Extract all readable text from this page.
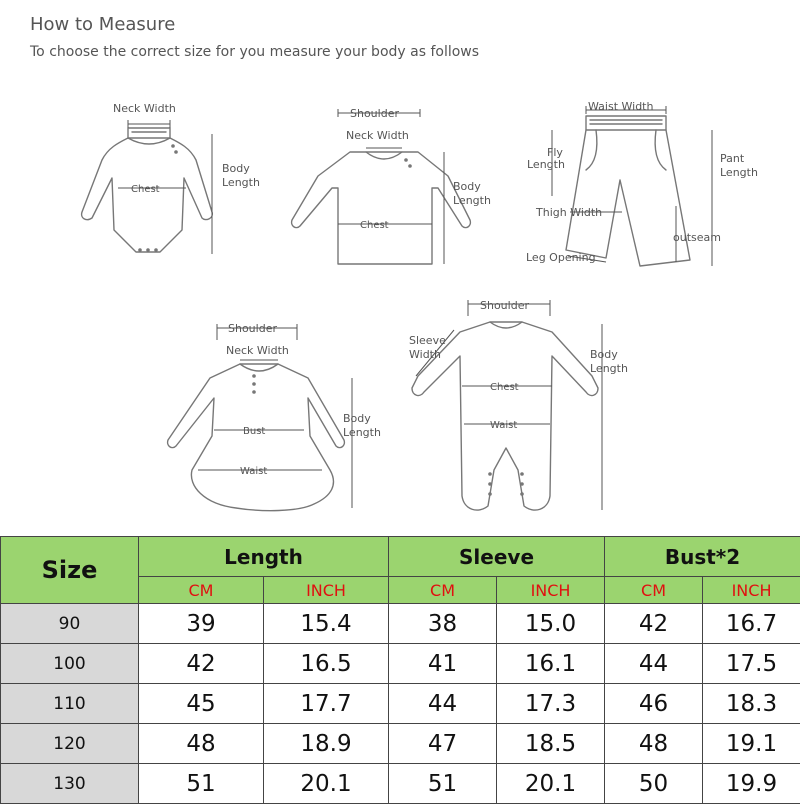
How to Measure
To choose the correct size for you measure your body as follows
Neck Width
Chest
Body
Length
Shoulder
Neck Width
Chest
Body
Length
Waist Width
Fly
Length	Pant
Length
Thigh Width
outseam
Leg Opening
Shoulder
Neck Width
Bust
Waist
Body
Length
Shoulder
Sleeve
Width
Chest
Waist
Body
Length
Size	Length		Sleeve		Bust*2	
	CM	INCH	CM	INCH	CM	INCH
90	39	15.4	38	15.0	42	16.7
100	42	16.5	41	16.1	44	17.5
110	45	17.7	44	17.3	46	18.3
120	48	18.9	47	18.5	48	19.1
130	51	20.1	51	20.1	50	19.9
